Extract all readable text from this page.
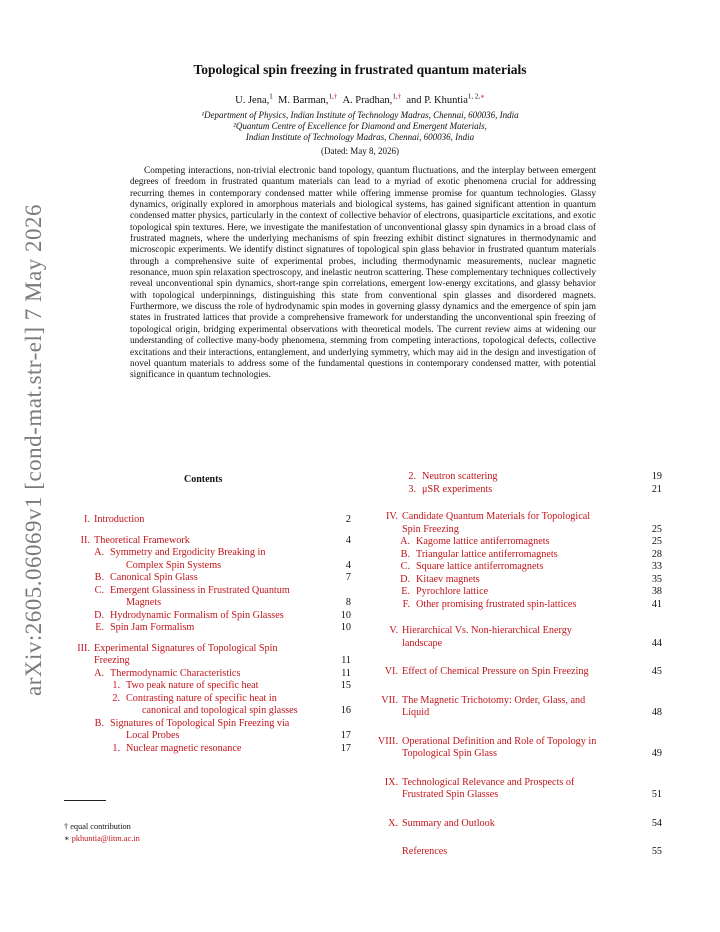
arXiv:2605.06069v1 [cond-mat.str-el] 7 May 2026
Topological spin freezing in frustrated quantum materials
U. Jena,$^1$ M. Barman,$^{1,\dagger}$ A. Pradhan,$^{1,\dagger}$ and P. Khuntia$^{1, 2,∗}$
¹Department of Physics, Indian Institute of Technology Madras, Chennai, 600036, India
²Quantum Centre of Excellence for Diamond and Emergent Materials,
Indian Institute of Technology Madras, Chennai, 600036, India
(Dated: May 8, 2026)
Competing interactions, non-trivial electronic band topology, quantum fluctuations, and the interplay between emergent degrees of freedom in frustrated quantum materials can lead to a myriad of exotic phenomena crucial for addressing recurring themes in contemporary condensed matter while offering immense promise for quantum technologies. Glassy dynamics, originally explored in amorphous materials and biological systems, has gained significant attention in quantum condensed matter physics, particularly in the context of collective behavior of electrons, quasiparticle excitations, and exotic topological spin textures. Here, we investigate the manifestation of unconventional glassy spin dynamics in a broad class of frustrated magnets, where the underlying mechanisms of spin freezing exhibit distinct signatures in thermodynamic and microscopic experiments. We identify distinct signatures of topological spin glass behavior in frustrated quantum materials through a comprehensive suite of experimental probes, including thermodynamic measurements, nuclear magnetic resonance, muon spin relaxation spectroscopy, and inelastic neutron scattering. These complementary techniques collectively reveal unconventional spin dynamics, short-range spin correlations, emergent low-energy excitations, and glassy behavior with topological underpinnings, distinguishing this state from conventional spin glasses and disordered magnets. Furthermore, we discuss the role of hydrodynamic spin modes in governing glassy dynamics and the emergence of spin jam states in frustrated lattices that provide a comprehensive framework for understanding the unconventional spin freezing of topological origin, bridging experimental observations with theoretical models. The current review aims at widening our understanding of collective many-body phenomena, stemming from competing interactions, topological defects, collective excitations and their interactions, entanglement, and underlying symmetry, which may aid in the design and investigation of novel quantum materials to address some of the fundamental questions in contemporary condensed matter, with potential significance in quantum technologies.
Contents
I. Introduction	2
II. Theoretical Framework	4
A. Symmetry and Ergodicity Breaking in
Complex Spin Systems	4
B. Canonical Spin Glass	7
C. Emergent Glassiness in Frustrated Quantum
Magnets	8
D. Hydrodynamic Formalism of Spin Glasses	10
E. Spin Jam Formalism	10
III. Experimental Signatures of Topological Spin
Freezing	11
A. Thermodynamic Characteristics	11
1. Two peak nature of specific heat	15
2. Contrasting nature of specific heat in
canonical and topological spin glasses	16
B. Signatures of Topological Spin Freezing via
Local Probes	17
1. Nuclear magnetic resonance	17
2. Neutron scattering	19
3. μSR experiments	21
IV. Candidate Quantum Materials for Topological
Spin Freezing	25
A. Kagome lattice antiferromagnets	25
B. Triangular lattice antiferromagnets	28
C. Square lattice antiferromagnets	33
D. Kitaev magnets	35
E. Pyrochlore lattice	38
F. Other promising frustrated spin-lattices	41
V. Hierarchical Vs. Non-hierarchical Energy
landscape	44
VI. Effect of Chemical Pressure on Spin Freezing	45
VII. The Magnetic Trichotomy: Order, Glass, and
Liquid	48
VIII. Operational Definition and Role of Topology in
Topological Spin Glass	49
IX. Technological Relevance and Prospects of
Frustrated Spin Glasses	51
X. Summary and Outlook	54
References	55
† equal contribution
∗ pkhuntia@iitm.ac.in
